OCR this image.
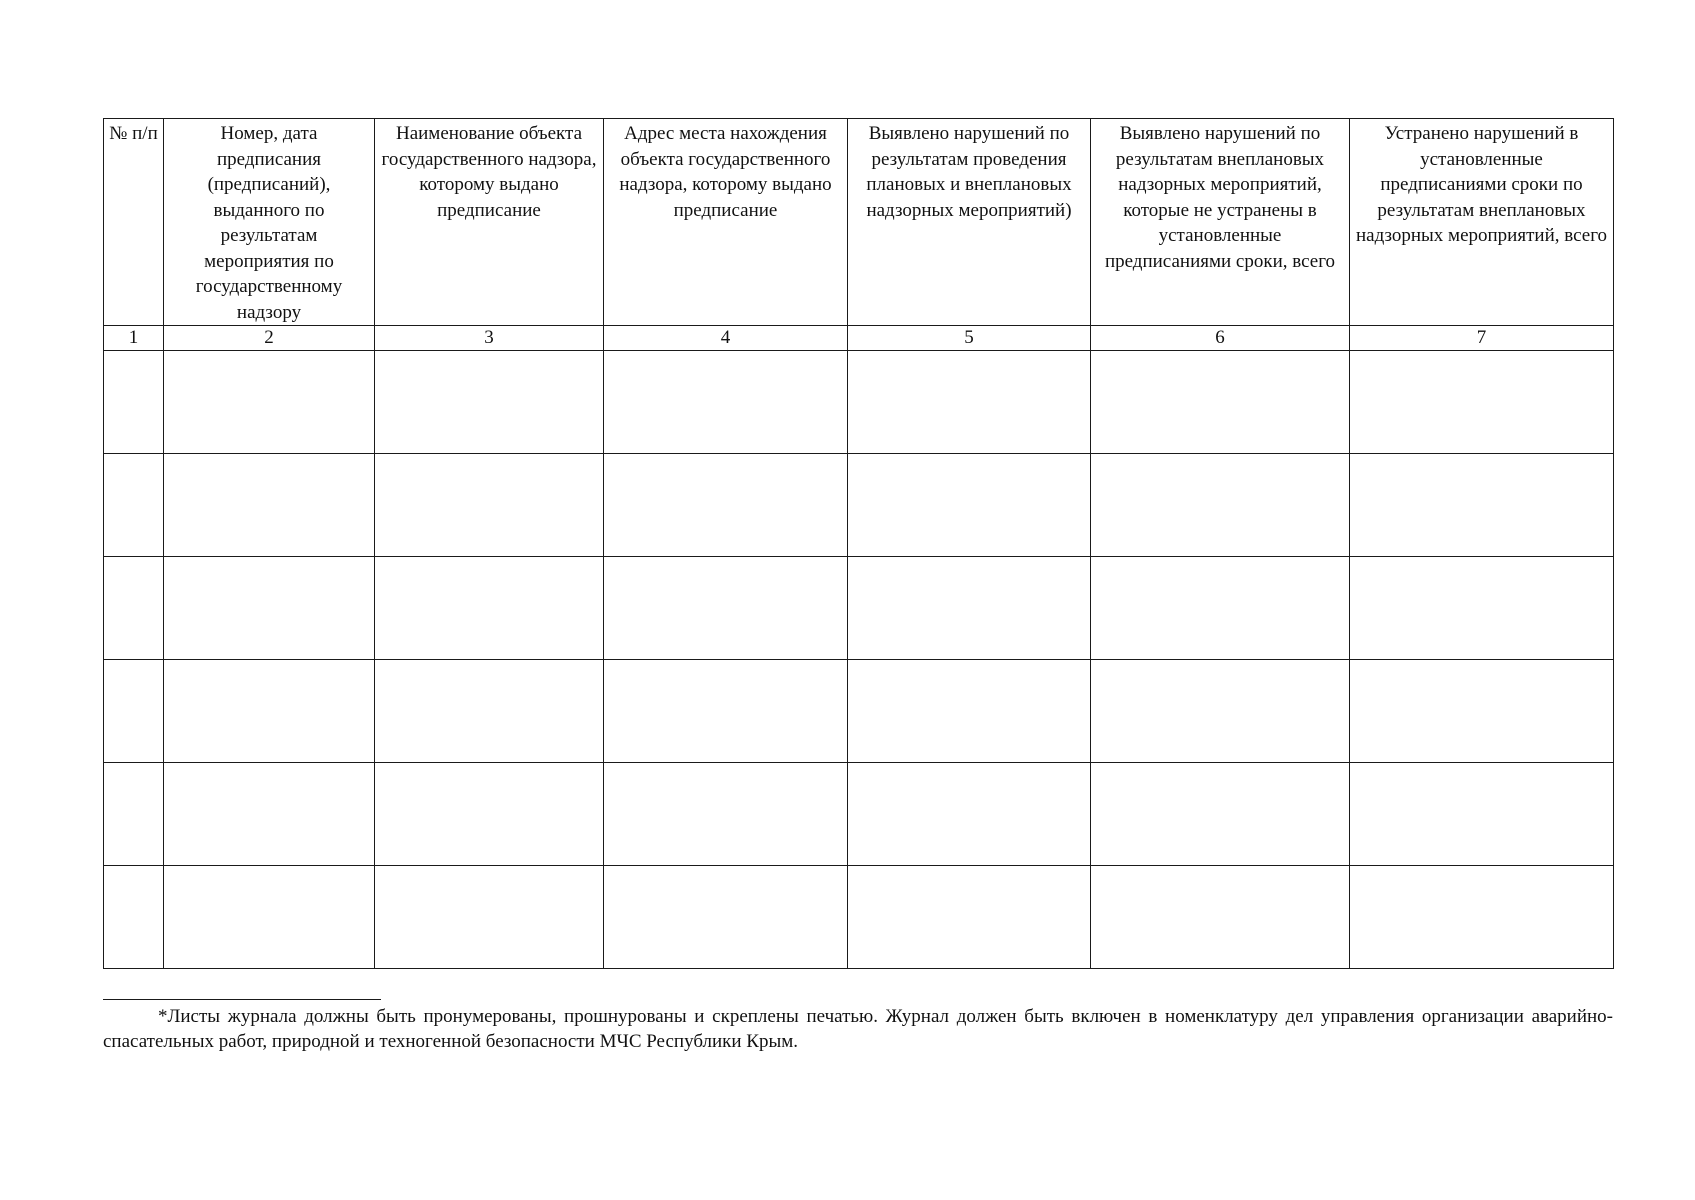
№ п/п	Номер, дата предписания (предписаний), выданного по результатам мероприятия по государственному надзору	Наименование объекта государственного надзора, которому выдано предписание	Адрес места нахождения объекта государственного надзора, которому выдано предписание	Выявлено нарушений по результатам проведения плановых и внеплановых надзорных мероприятий)	Выявлено нарушений по результатам внеплановых надзорных мероприятий, которые не устранены в установленные предписаниями сроки, всего	Устранено нарушений в установленные предписаниями сроки по результатам внеплановых надзорных мероприятий, всего
1	2	3	4	5	6	7

*Листы журнала должны быть пронумерованы, прошнурованы и скреплены печатью. Журнал должен быть включен в номенклатуру дел управления организации аварийно-спасательных работ, природной и техногенной безопасности МЧС Республики Крым.
